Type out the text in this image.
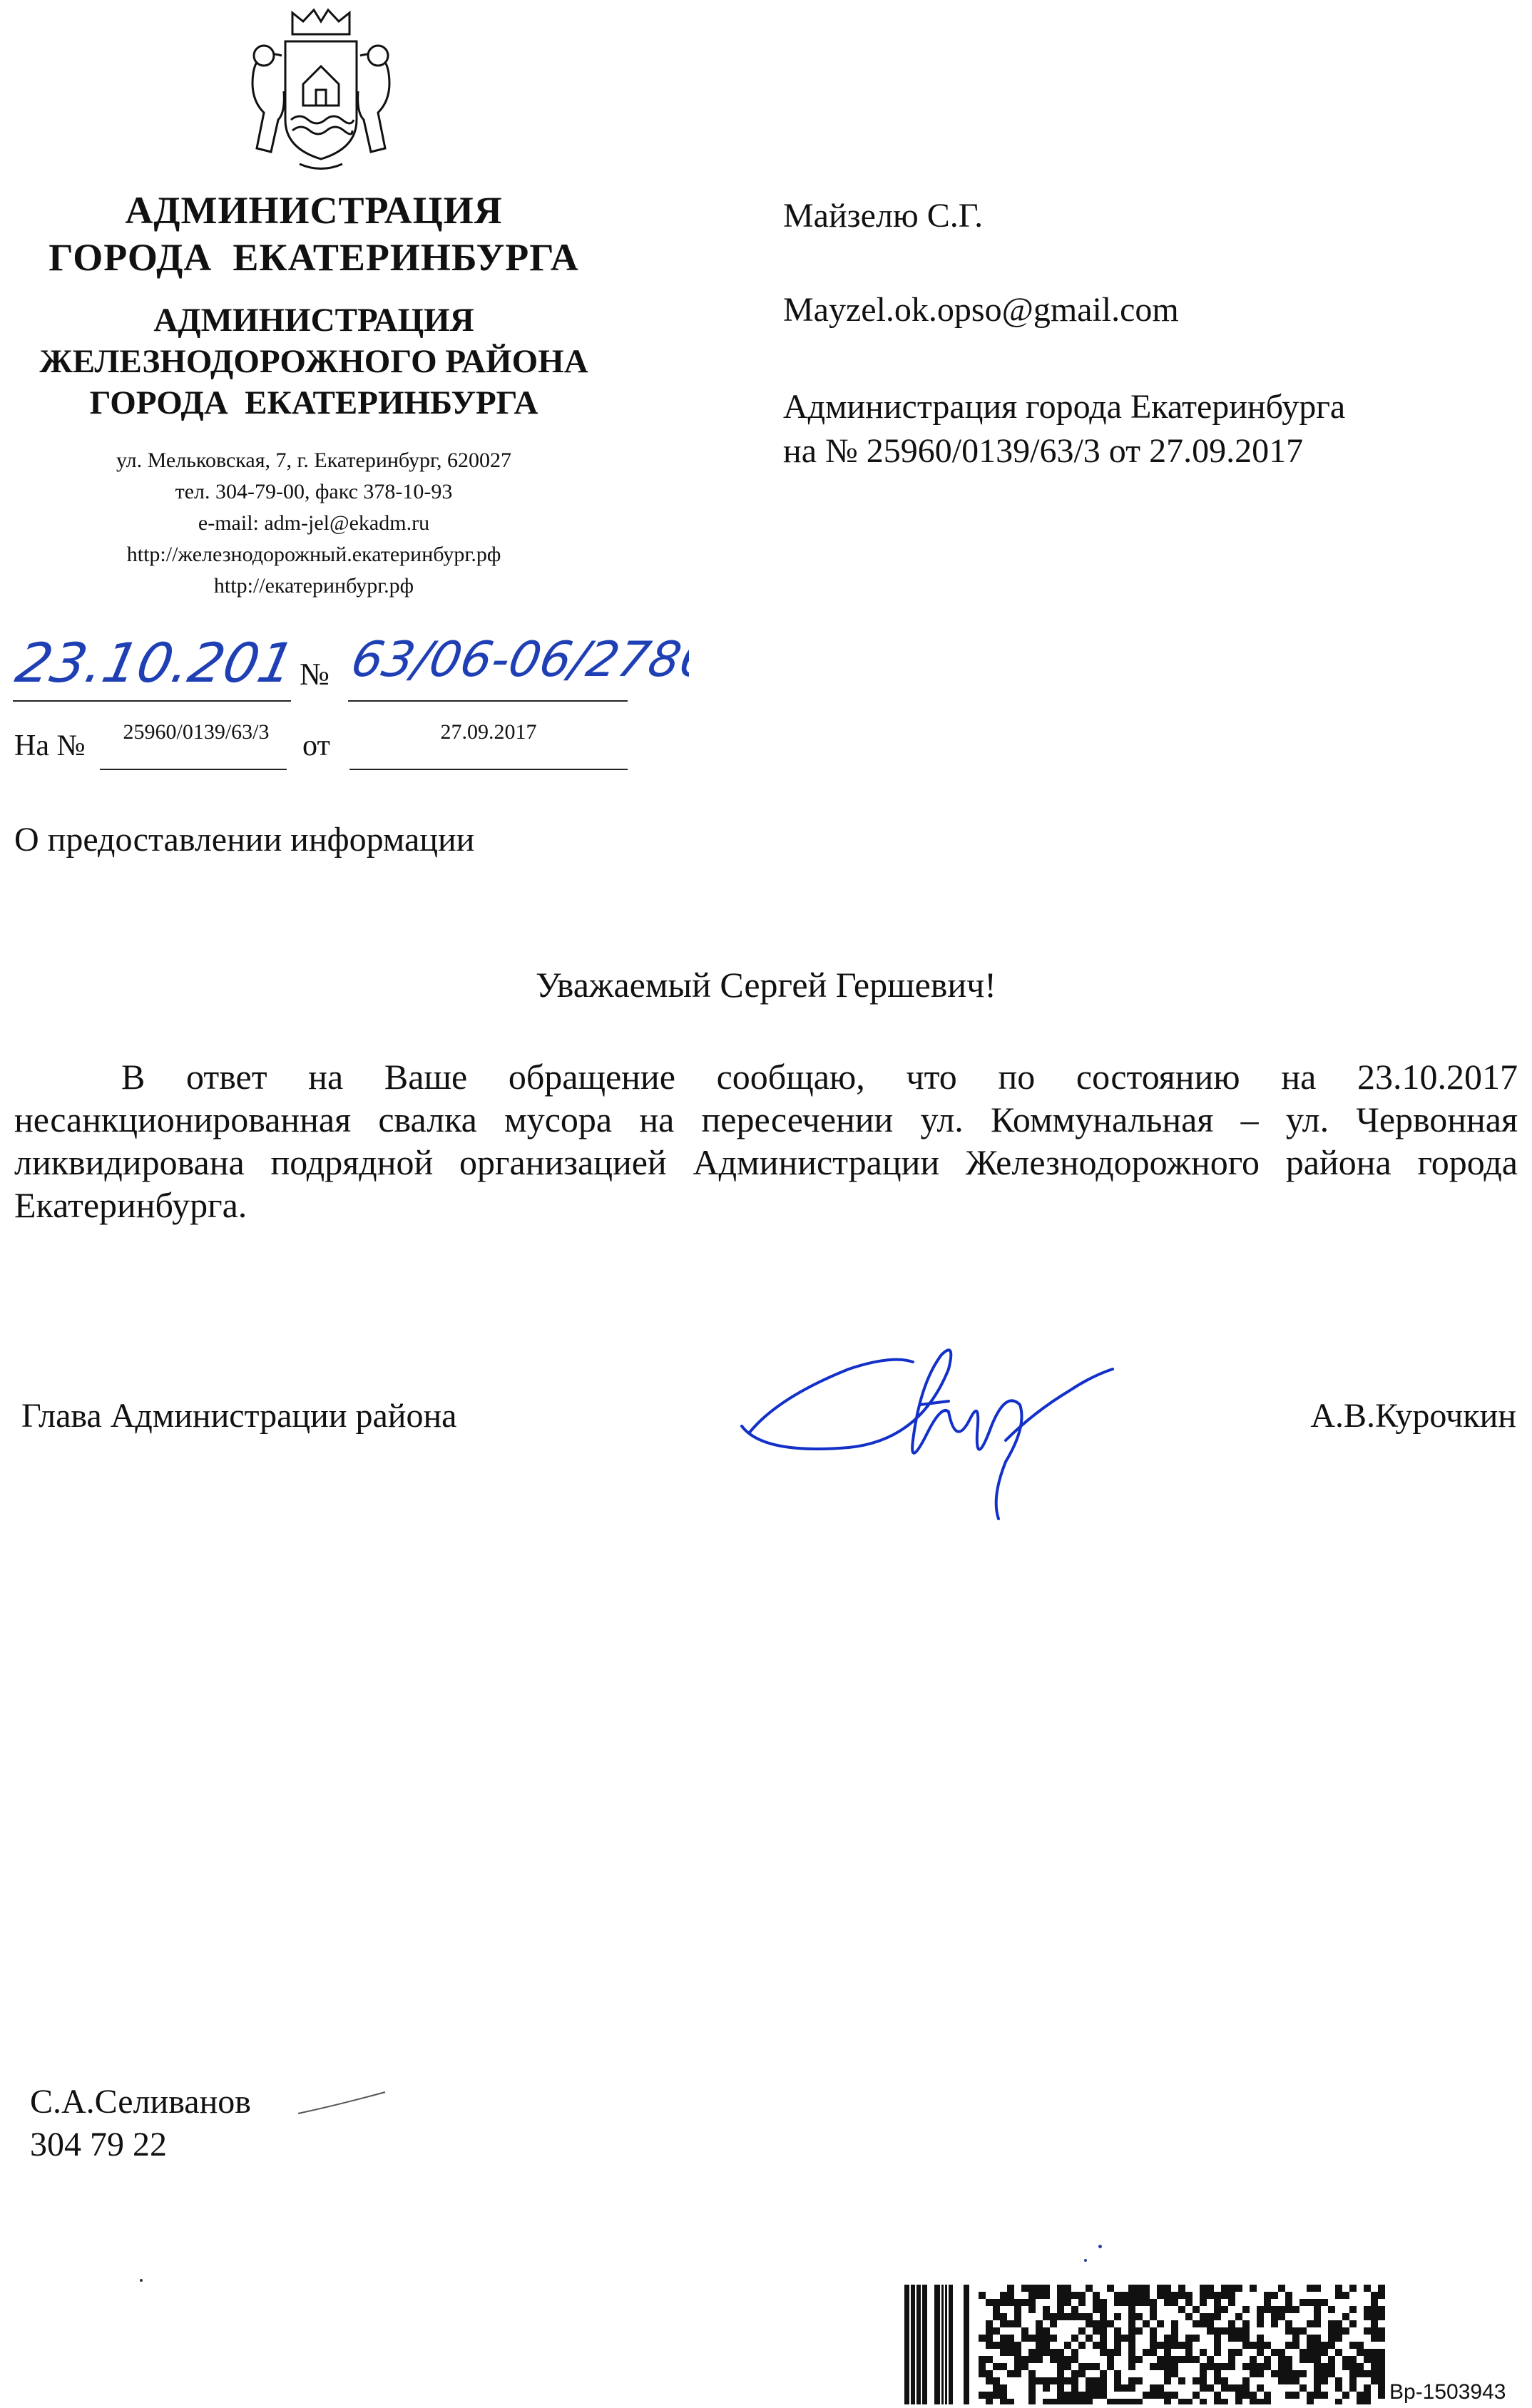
АДМИНИСТРАЦИЯ
ГОРОДА  ЕКАТЕРИНБУРГА
АДМИНИСТРАЦИЯ
ЖЕЛЕЗНОДОРОЖНОГО РАЙОНА
ГОРОДА  ЕКАТЕРИНБУРГА
ул. Мельковская, 7, г. Екатеринбург, 620027
тел. 304-79-00, факс 378-10-93
e-mail: adm-jel@ekadm.ru
http://железнодорожный.екатеринбург.рф
http://екатеринбург.рф
23.10.2017
№ 63/06-06/2786
На №	25960/0139/63/3	от	27.09.2017
Майзелю С.Г.
Mayzel.ok.opso@gmail.com
Администрация города Екатеринбурга
на № 25960/0139/63/3 от 27.09.2017
О предоставлении информации
Уважаемый Сергей Гершевич!
В ответ на Ваше обращение сообщаю, что по состоянию на 23.10.2017 несанкционированная свалка мусора на пересечении ул. Коммунальная – ул. Червонная ликвидирована подрядной организацией Администрации Железнодорожного района города Екатеринбурга.
Глава Администрации района	А.В.Курочкин
С.А.Селиванов
304 79 22
Вр-1503943
